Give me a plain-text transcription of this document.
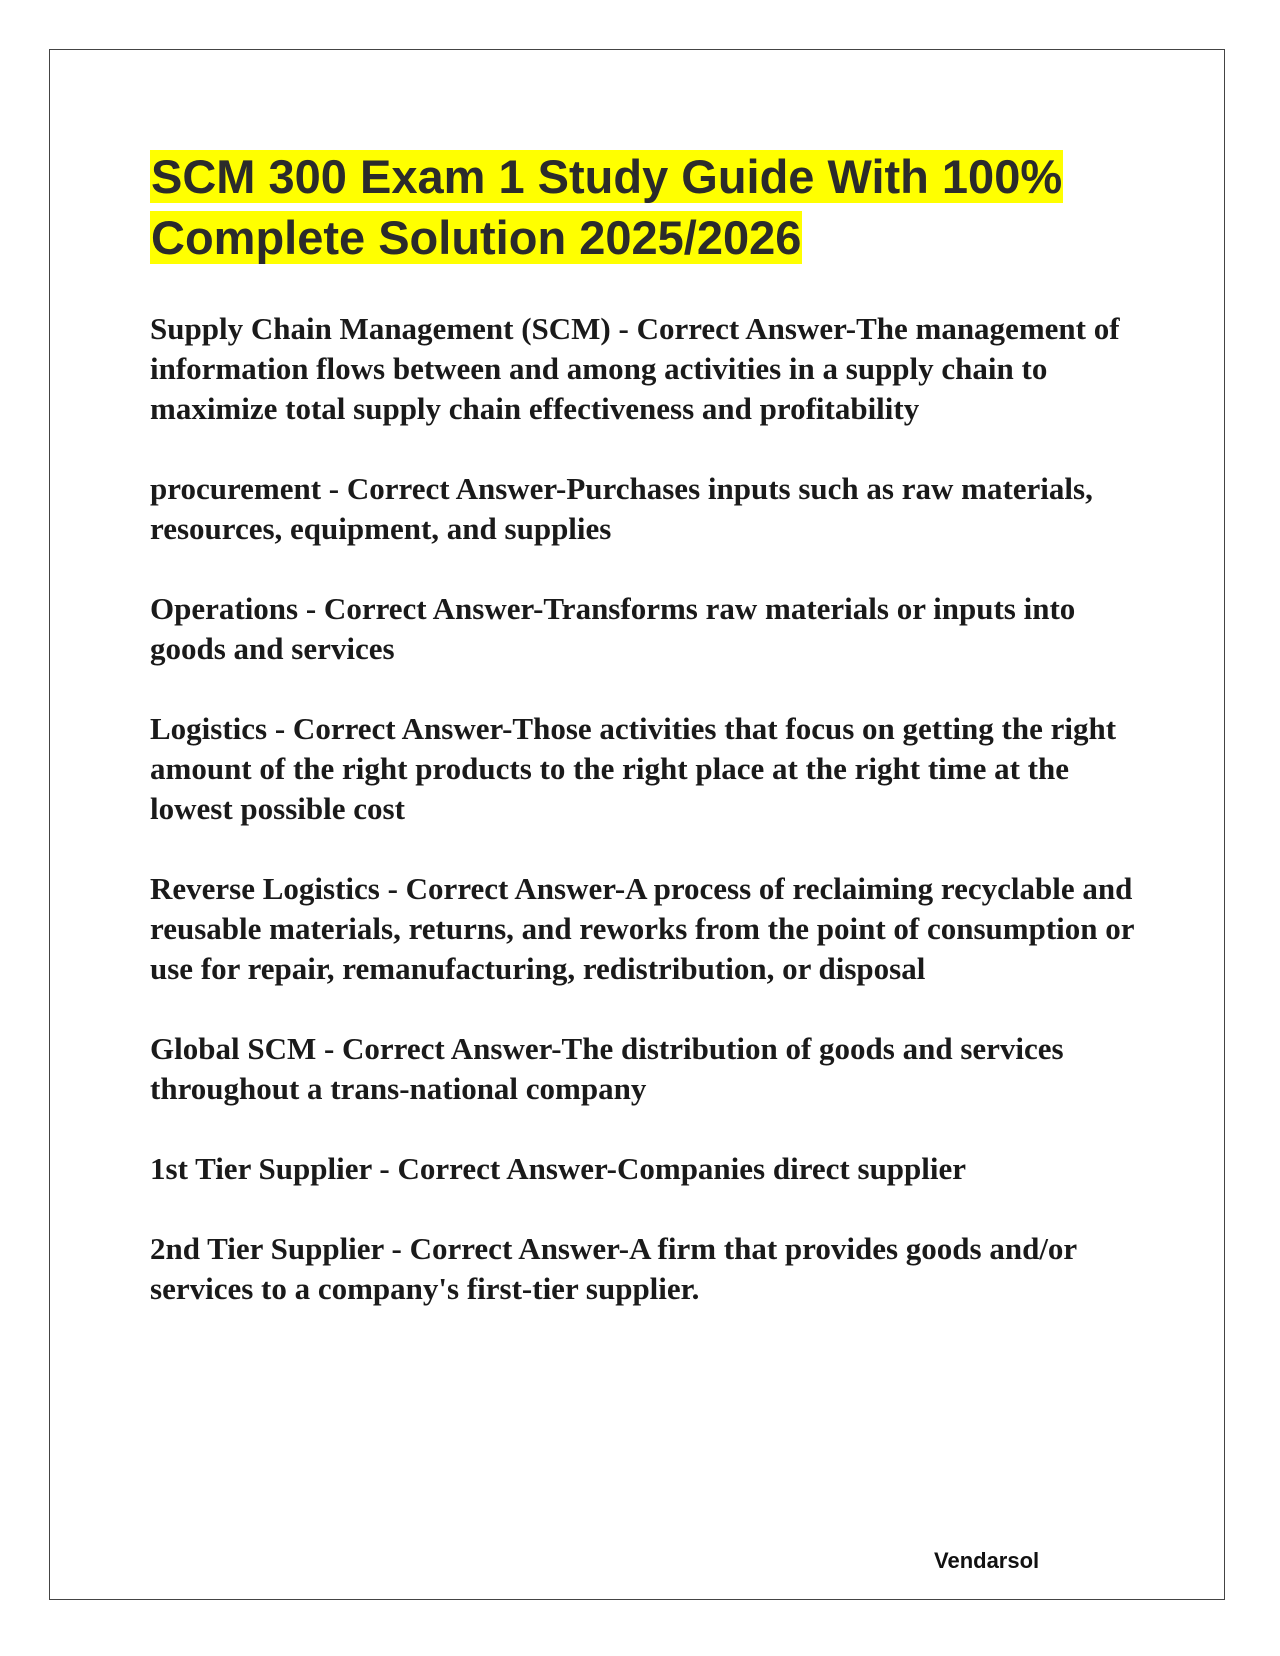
SCM 300 Exam 1 Study Guide With 100% Complete Solution 2025/2026
Supply Chain Management (SCM) - Correct Answer-The management of information flows between and among activities in a supply chain to maximize total supply chain effectiveness and profitability
procurement - Correct Answer-Purchases inputs such as raw materials, resources, equipment, and supplies
Operations - Correct Answer-Transforms raw materials or inputs into goods and services
Logistics - Correct Answer-Those activities that focus on getting the right amount of the right products to the right place at the right time at the lowest possible cost
Reverse Logistics - Correct Answer-A process of reclaiming recyclable and reusable materials, returns, and reworks from the point of consumption or use for repair, remanufacturing, redistribution, or disposal
Global SCM - Correct Answer-The distribution of goods and services throughout a trans-national company
1st Tier Supplier - Correct Answer-Companies direct supplier
2nd Tier Supplier - Correct Answer-A firm that provides goods and/or services to a company's first-tier supplier.
Vendarsol
